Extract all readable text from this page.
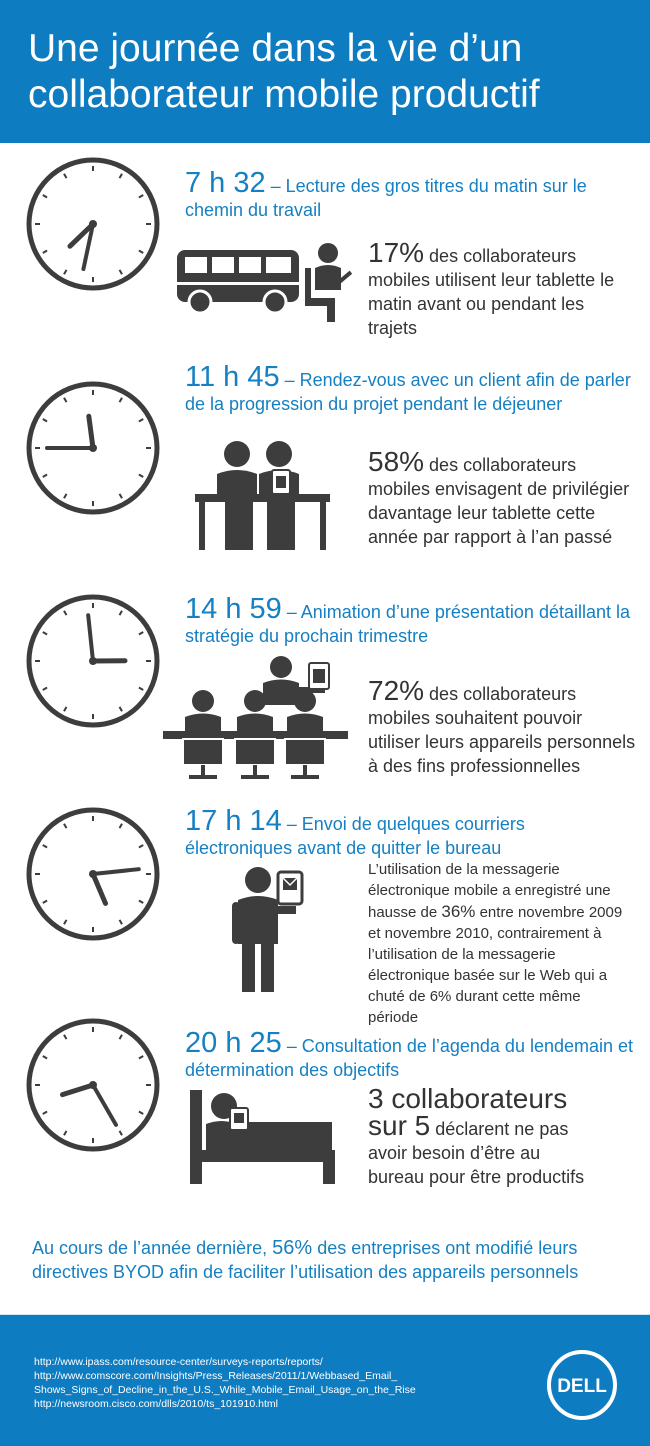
Une journée dans la vie d’un
collaborateur mobile productif
7 h 32 – Lecture des gros titres du matin sur le chemin du travail
17% des collaborateurs mobiles utilisent leur tablette le matin avant ou pendant les trajets
11 h 45 – Rendez-vous avec un client afin de parler de la progression du projet pendant le déjeuner
58% des collaborateurs mobiles envisagent de privilégier davantage leur tablette cette année par rapport à l’an passé
14 h 59 – Animation d’une présentation détaillant la stratégie du prochain trimestre
72% des collaborateurs mobiles souhaitent pouvoir utiliser leurs appareils personnels à des fins professionnelles
17 h 14 – Envoi de quelques courriers électroniques avant de quitter le bureau
L’utilisation de la messagerie électronique mobile a enregistré une hausse de 36% entre novembre 2009 et novembre 2010, contrairement à l’utilisation de la messagerie électronique basée sur le Web qui a chuté de 6% durant cette même période
20 h 25 – Consultation de l’agenda du lendemain et détermination des objectifs
3 collaborateurs sur 5 déclarent ne pas avoir besoin d’être au bureau pour être productifs
Au cours de l’année dernière, 56% des entreprises ont modifié leurs directives BYOD afin de faciliter l’utilisation des appareils personnels
http://www.ipass.com/resource-center/surveys-reports/reports/
http://www.comscore.com/Insights/Press_Releases/2011/1/Webbased_Email_
Shows_Signs_of_Decline_in_the_U.S._While_Mobile_Email_Usage_on_the_Rise
http://newsroom.cisco.com/dlls/2010/ts_101910.html
DELL
